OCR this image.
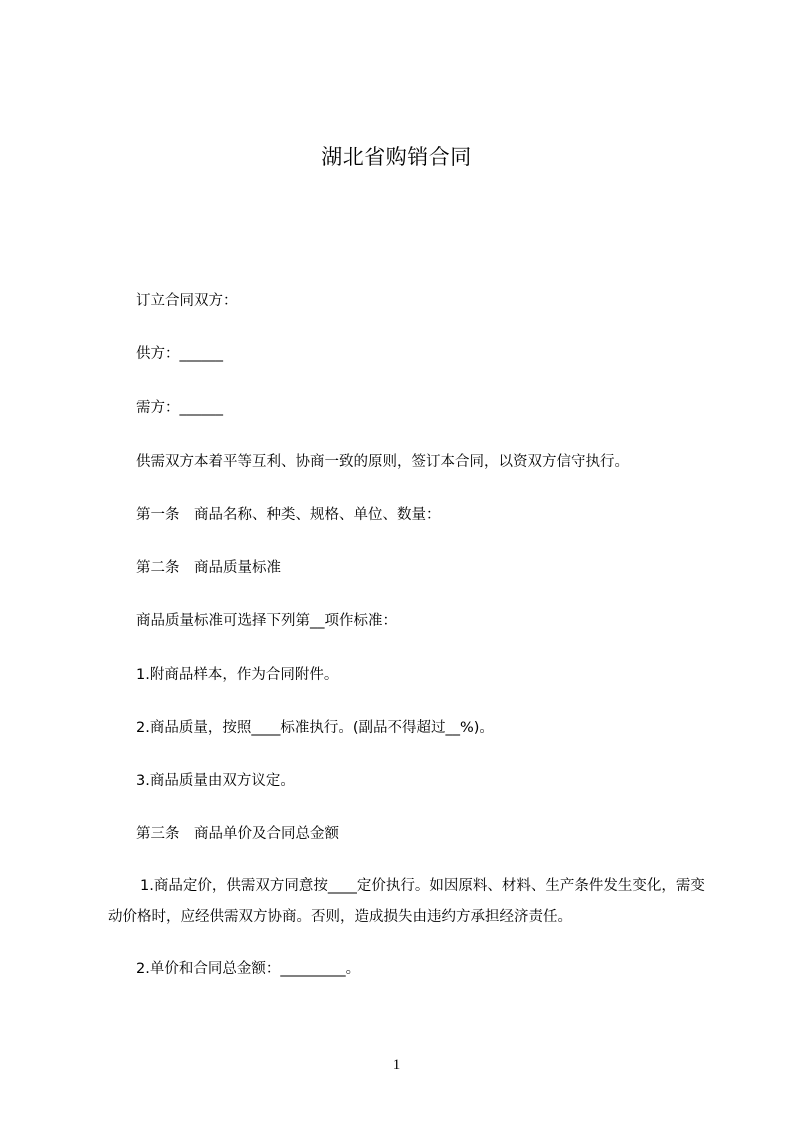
湖北省购销合同
订立合同双方：
供方：______
需方：______
供需双方本着平等互利、协商一致的原则，签订本合同，以资双方信守执行。
第一条　商品名称、种类、规格、单位、数量：
第二条　商品质量标准
商品质量标准可选择下列第__项作标准：
1.附商品样本，作为合同附件。
2.商品质量，按照____标准执行。(副品不得超过__%)。
3.商品质量由双方议定。
第三条　商品单价及合同总金额
1.商品定价，供需双方同意按____定价执行。如因原料、材料、生产条件发生变化，需变动价格时，应经供需双方协商。否则，造成损失由违约方承担经济责任。
2.单价和合同总金额：_________。
1
